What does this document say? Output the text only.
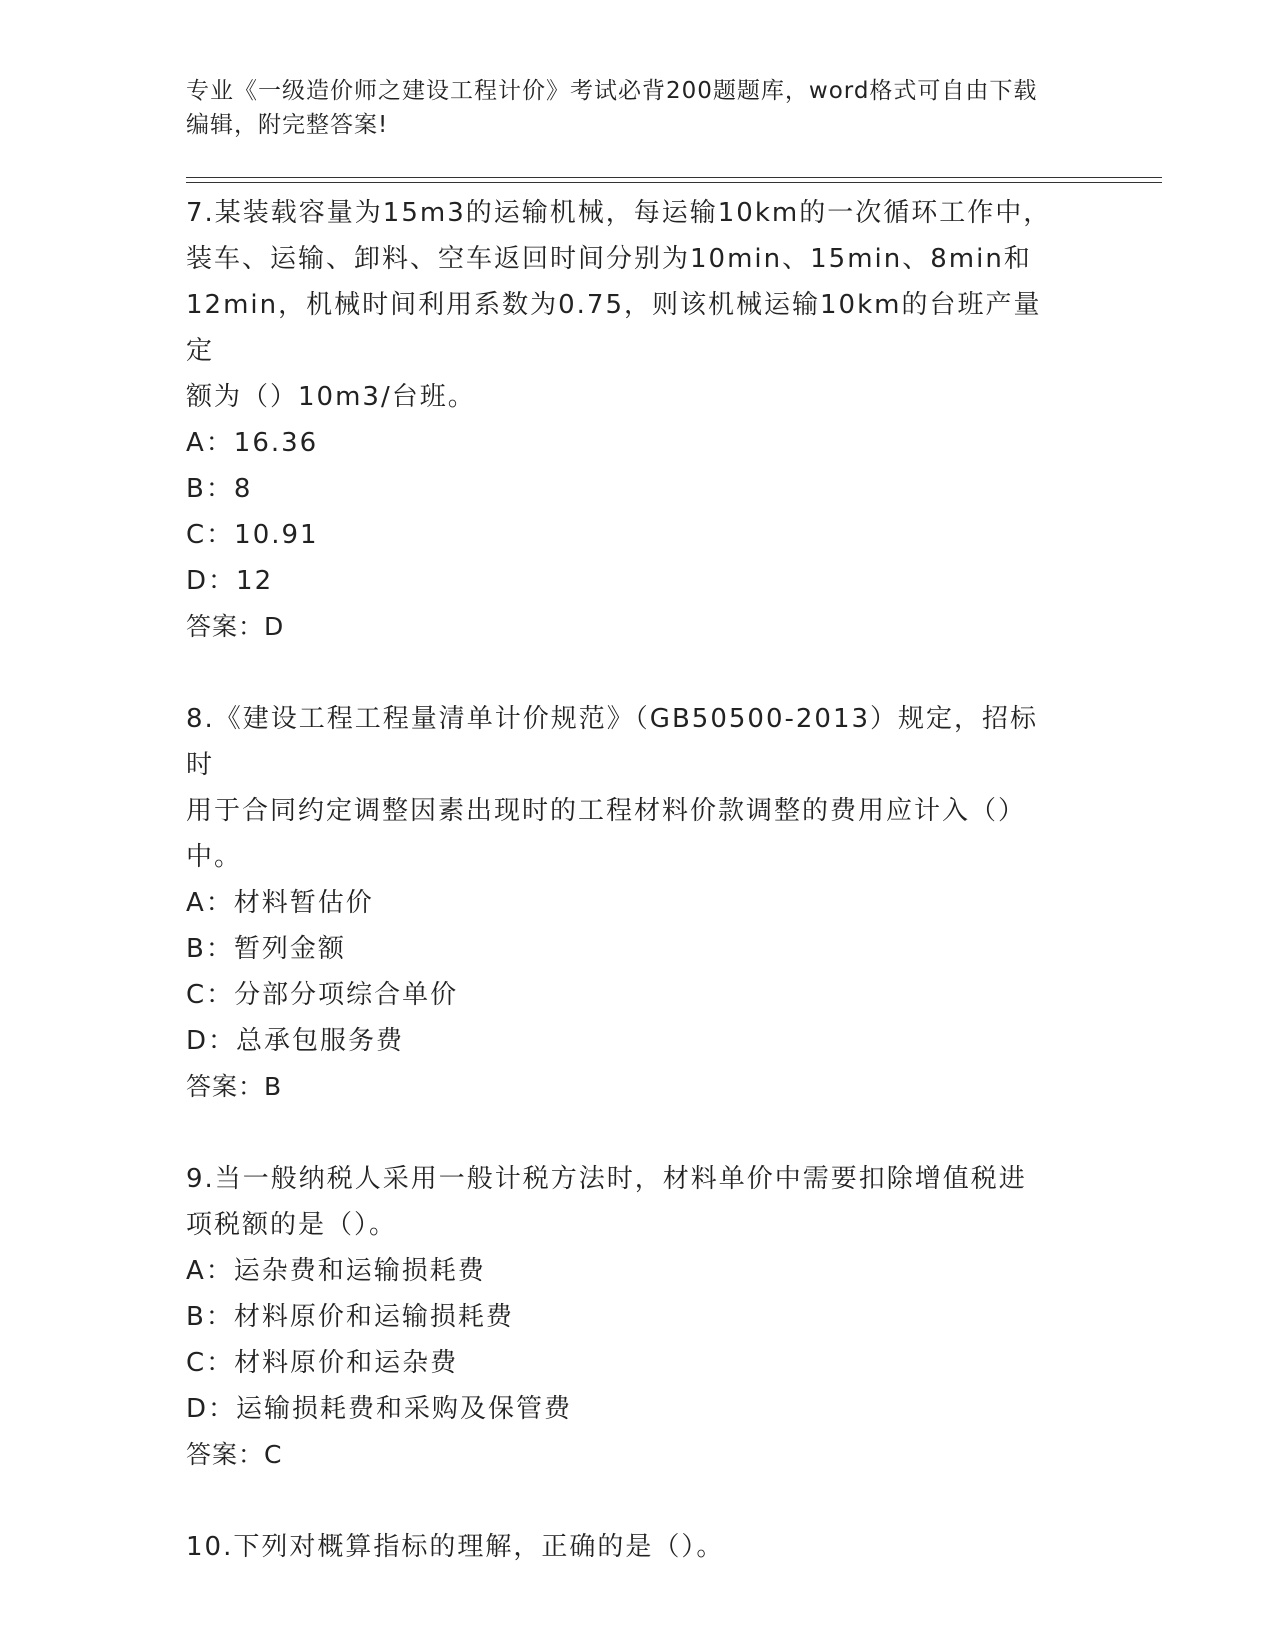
专业《一级造价师之建设工程计价》考试必背200题题库，word格式可自由下载
编辑，附完整答案!
7.某装载容量为15m3的运输机械，每运输10km的一次循环工作中，
装车、运输、卸料、空车返回时间分别为10min、15min、8min和
12min，机械时间利用系数为0.75，则该机械运输10km的台班产量定
额为（）10m3/台班。
A：16.36
B：8
C：10.91
D：12
答案：D
8.《建设工程工程量清单计价规范》（GB50500-2013）规定，招标时
用于合同约定调整因素出现时的工程材料价款调整的费用应计入（）
中。
A：材料暂估价
B：暂列金额
C：分部分项综合单价
D：总承包服务费
答案：B
9.当一般纳税人采用一般计税方法时，材料单价中需要扣除增值税进
项税额的是（）。
A：运杂费和运输损耗费
B：材料原价和运输损耗费
C：材料原价和运杂费
D：运输损耗费和采购及保管费
答案：C
10.下列对概算指标的理解，正确的是（）。
